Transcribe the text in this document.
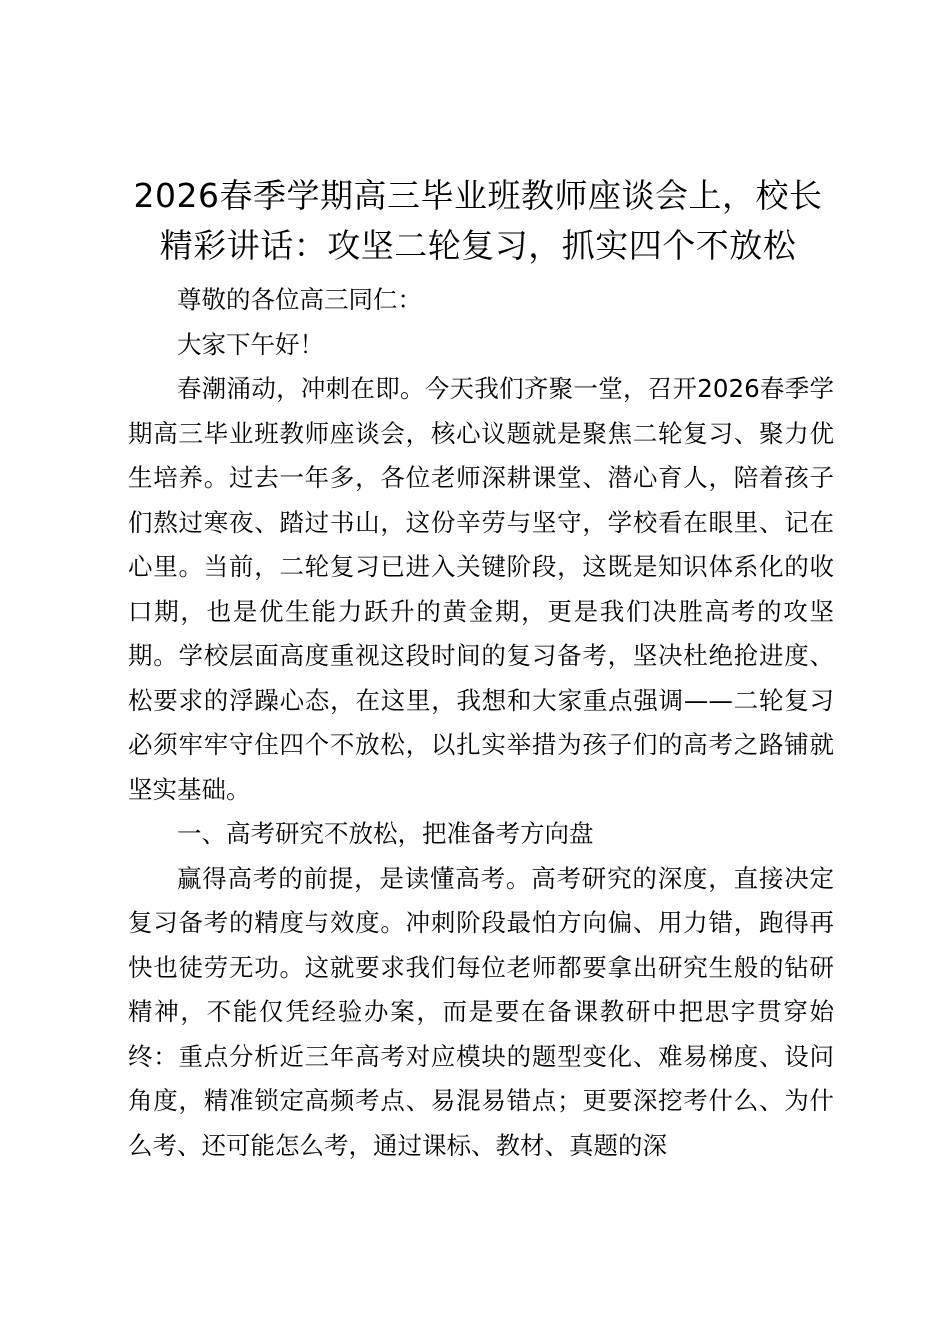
2026春季学期高三毕业班教师座谈会上，校长精彩讲话：攻坚二轮复习，抓实四个不放松

尊敬的各位高三同仁：

大家下午好！

春潮涌动，冲刺在即。今天我们齐聚一堂，召开2026春季学期高三毕业班教师座谈会，核心议题就是聚焦二轮复习、聚力优生培养。过去一年多，各位老师深耕课堂、潜心育人，陪着孩子们熬过寒夜、踏过书山，这份辛劳与坚守，学校看在眼里、记在心里。当前，二轮复习已进入关键阶段，这既是知识体系化的收口期，也是优生能力跃升的黄金期，更是我们决胜高考的攻坚期。学校层面高度重视这段时间的复习备考，坚决杜绝抢进度、松要求的浮躁心态，在这里，我想和大家重点强调——二轮复习必须牢牢守住四个不放松，以扎实举措为孩子们的高考之路铺就坚实基础。

一、高考研究不放松，把准备考方向盘

赢得高考的前提，是读懂高考。高考研究的深度，直接决定复习备考的精度与效度。冲刺阶段最怕方向偏、用力错，跑得再快也徒劳无功。这就要求我们每位老师都要拿出研究生般的钻研精神，不能仅凭经验办案，而是要在备课教研中把思字贯穿始终：重点分析近三年高考对应模块的题型变化、难易梯度、设问角度，精准锁定高频考点、易混易错点；更要深挖考什么、为什么考、还可能怎么考，通过课标、教材、真题的深
